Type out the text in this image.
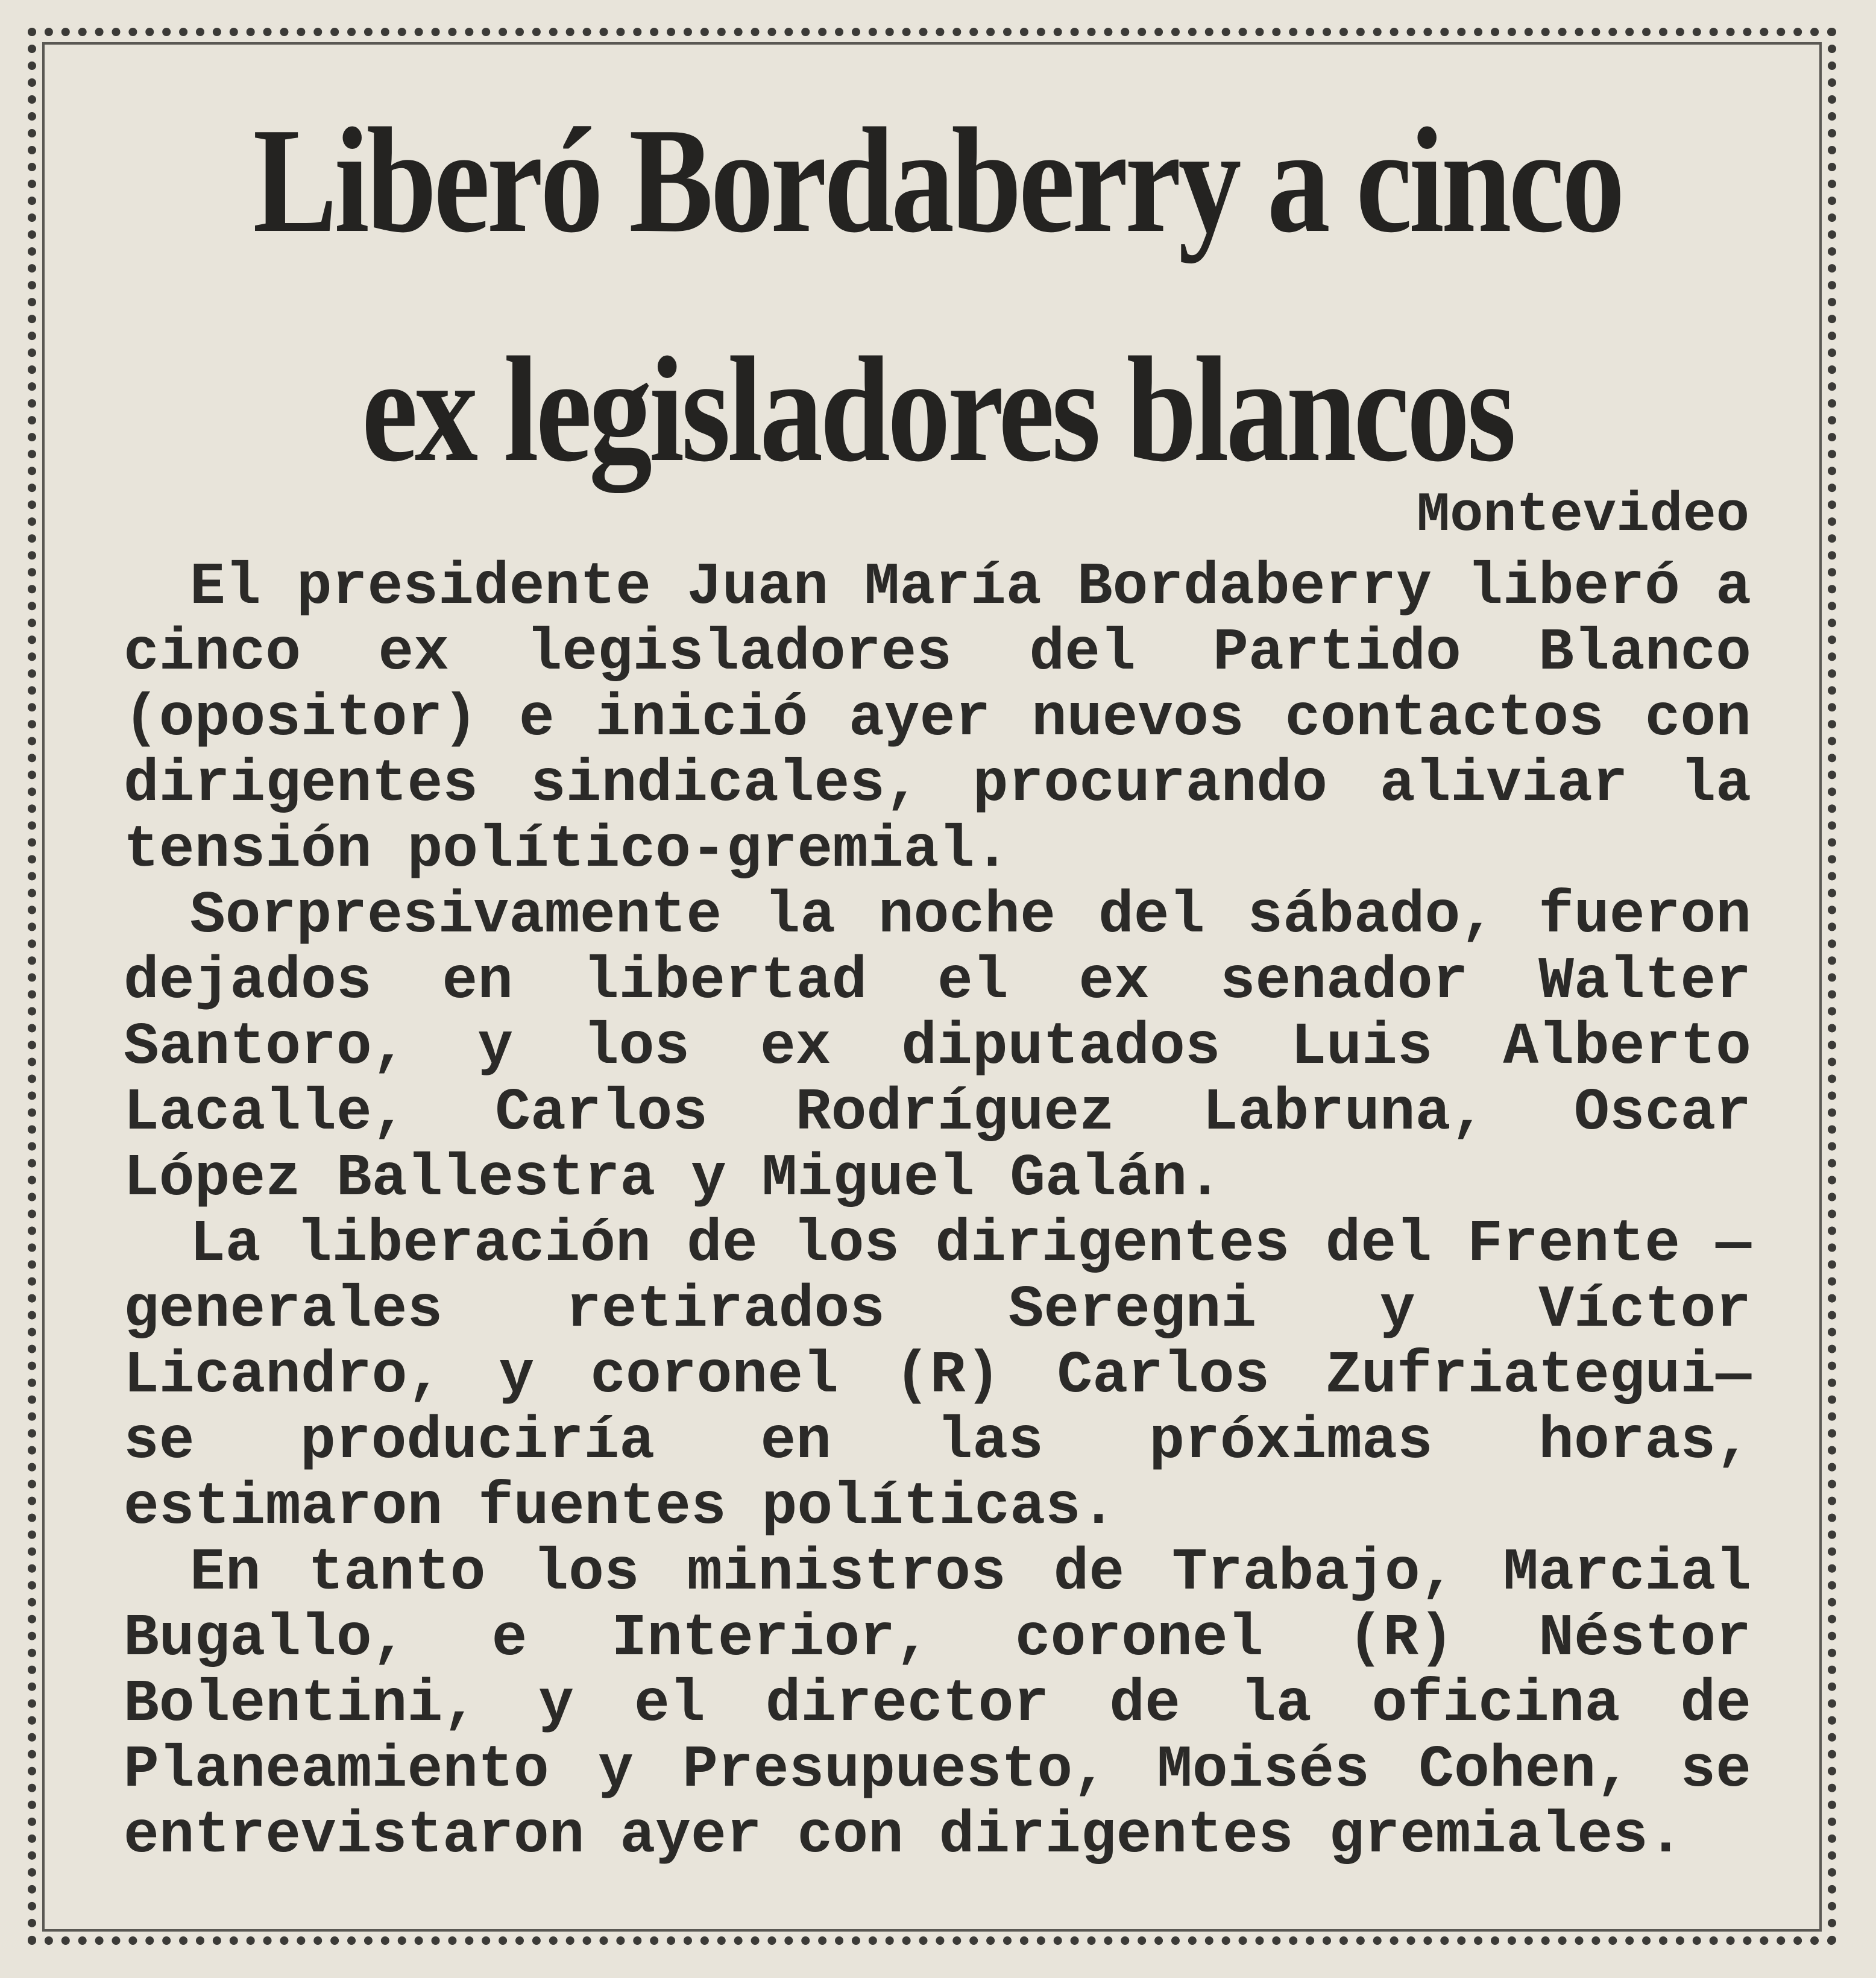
Liberó Bordaberry a cinco ex legisladores blancos

Montevideo

El presidente Juan María Bordaberry liberó a cinco ex legisladores del Partido Blanco (opositor) e inició ayer nuevos contactos con dirigentes sindicales, procurando aliviar la tensión político-gremial.

Sorpresivamente la noche del sábado, fueron dejados en libertad el ex senador Walter Santoro, y los ex diputados Luis Alberto Lacalle, Carlos Rodríguez Labruna, Oscar López Ballestra y Miguel Galán.

La liberación de los dirigentes del Frente —generales retirados Seregni y Víctor Licandro, y coronel (R) Carlos Zufriategui— se produciría en las próximas horas, estimaron fuentes políticas.

En tanto los ministros de Trabajo, Marcial Bugallo, e Interior, coronel (R) Néstor Bolentini, y el director de la oficina de Planeamiento y Presupuesto, Moisés Cohen, se entrevistaron ayer con dirigentes gremiales.
